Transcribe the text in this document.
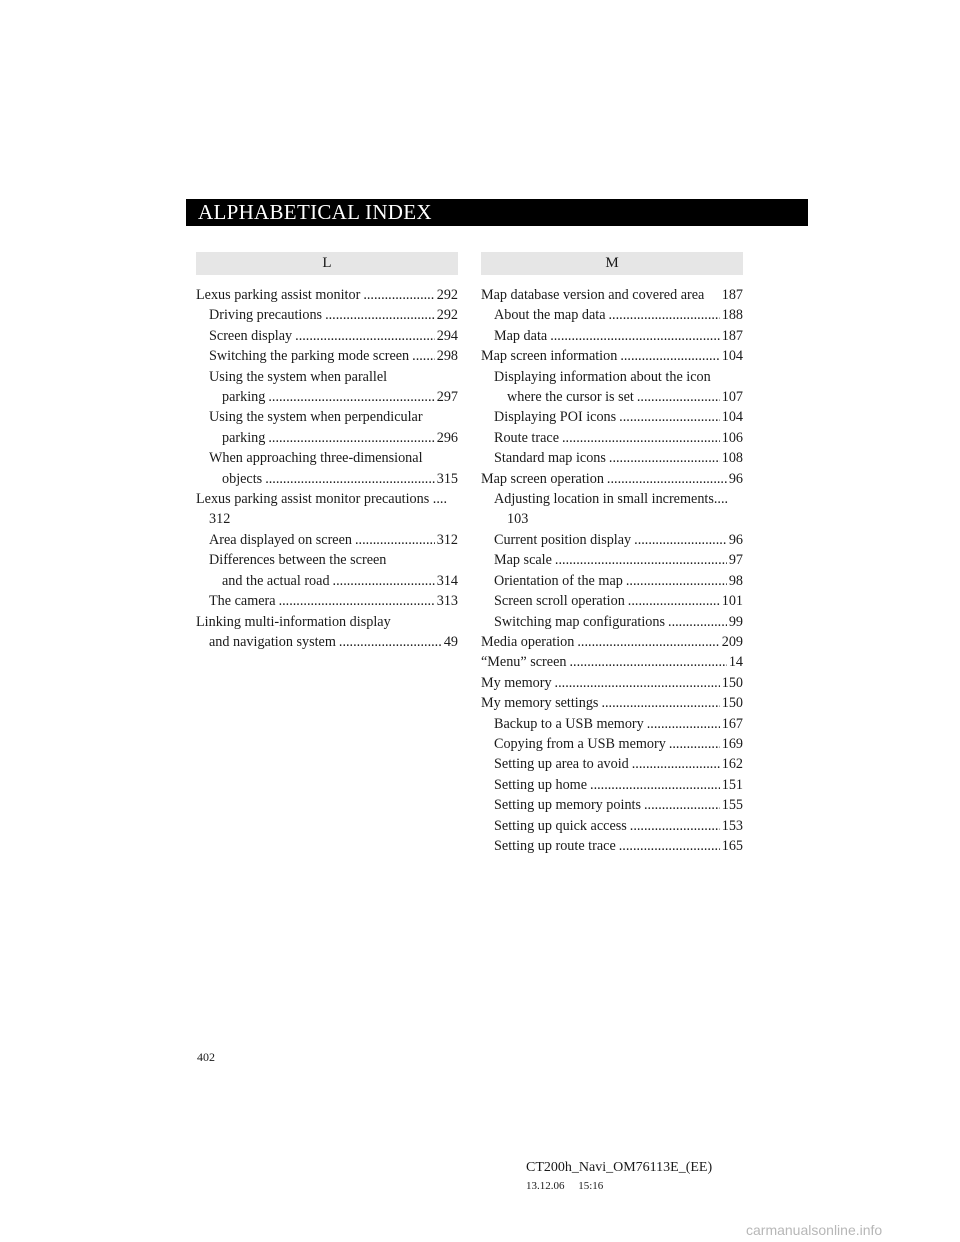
ALPHABETICAL INDEX
L
Lexus parking assist monitor .....	292
Driving precautions .....	292
Screen display .....	294
Switching the parking mode screen ..... 298
Using the system when parallel
parking .....	297
Using the system when perpendicular
parking .....	296
When approaching three-dimensional
objects .....	315
Lexus parking assist monitor precautions ....
312
Area displayed on screen .....	312
Differences between the screen
and the actual road .....	314
The camera .....	313
Linking multi-information display
and navigation system .....	49
M
Map database version and covered area 187
About the map data .....	188
Map data .....	187
Map screen information .....	104
Displaying information about the icon
where the cursor is set .....	107
Displaying POI icons .....	104
Route trace .....	106
Standard map icons .....	108
Map screen operation .....	96
Adjusting location in small increments....
103
Current position display .....	96
Map scale .....	97
Orientation of the map .....	98
Screen scroll operation .....	101
Switching map configurations .....	99
Media operation .....	209
“Menu” screen .....	14
My memory .....	150
My memory settings .....	150
Backup to a USB memory .....	167
Copying from a USB memory .....	169
Setting up area to avoid .....	162
Setting up home .....	151
Setting up memory points .....	155
Setting up quick access .....	153
Setting up route trace .....	165
402
CT200h_Navi_OM76113E_(EE)
13.12.06     15:16
carmanualsonline.info
